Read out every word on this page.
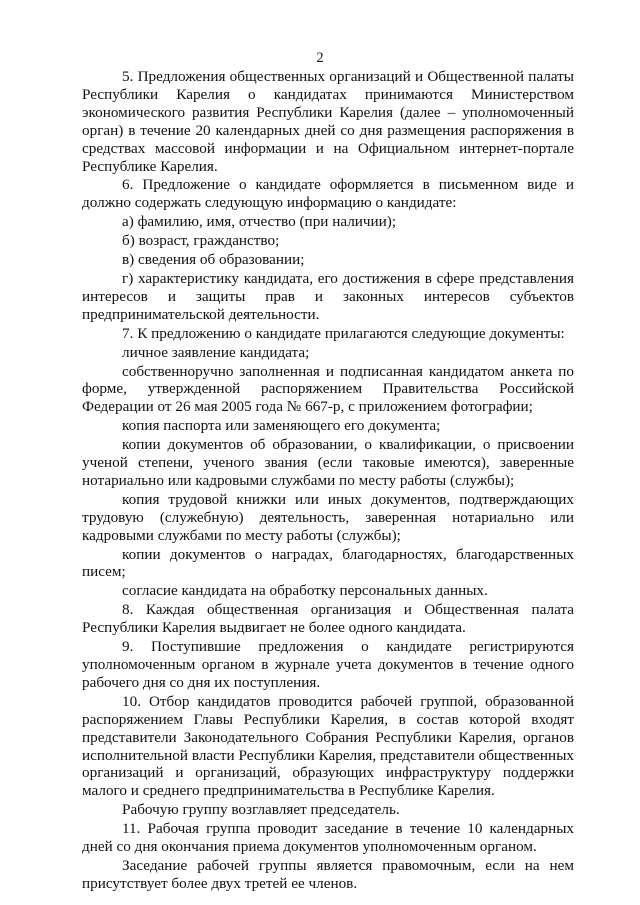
2

5. Предложения общественных организаций и Общественной палаты Республики Карелия о кандидатах принимаются Министерством экономического развития Республики Карелия (далее – уполномоченный орган) в течение 20 календарных дней со дня размещения распоряжения в средствах массовой информации и на Официальном интернет-портале Республике Карелия.

6. Предложение о кандидате оформляется в письменном виде и должно содержать следующую информацию о кандидате:

а) фамилию, имя, отчество (при наличии);

б) возраст, гражданство;

в) сведения об образовании;

г) характеристику кандидата, его достижения в сфере представления интересов и защиты прав и законных интересов субъектов предпринимательской деятельности.

7. К предложению о кандидате прилагаются следующие документы:

личное заявление кандидата;

собственноручно заполненная и подписанная кандидатом анкета по форме, утвержденной распоряжением Правительства Российской Федерации от 26 мая 2005 года № 667-р, с приложением фотографии;

копия паспорта или заменяющего его документа;

копии документов об образовании, о квалификации, о присвоении ученой степени, ученого звания (если таковые имеются), заверенные нотариально или кадровыми службами по месту работы (службы);

копия трудовой книжки или иных документов, подтверждающих трудовую (служебную) деятельность, заверенная нотариально или кадровыми службами по месту работы (службы);

копии документов о наградах, благодарностях, благодарственных писем;

согласие кандидата на обработку персональных данных.

8. Каждая общественная организация и Общественная палата Республики Карелия выдвигает не более одного кандидата.

9. Поступившие предложения о кандидате регистрируются уполномоченным органом в журнале учета документов в течение одного рабочего дня со дня их поступления.

10. Отбор кандидатов проводится рабочей группой, образованной распоряжением Главы Республики Карелия, в состав которой входят представители Законодательного Собрания Республики Карелия, органов исполнительной власти Республики Карелия, представители общественных организаций и организаций, образующих инфраструктуру поддержки малого и среднего предпринимательства в Республике Карелия.

Рабочую группу возглавляет председатель.

11. Рабочая группа проводит заседание в течение 10 календарных дней со дня окончания приема документов уполномоченным органом.

Заседание рабочей группы является правомочным, если на нем присутствует более двух третей ее членов.
